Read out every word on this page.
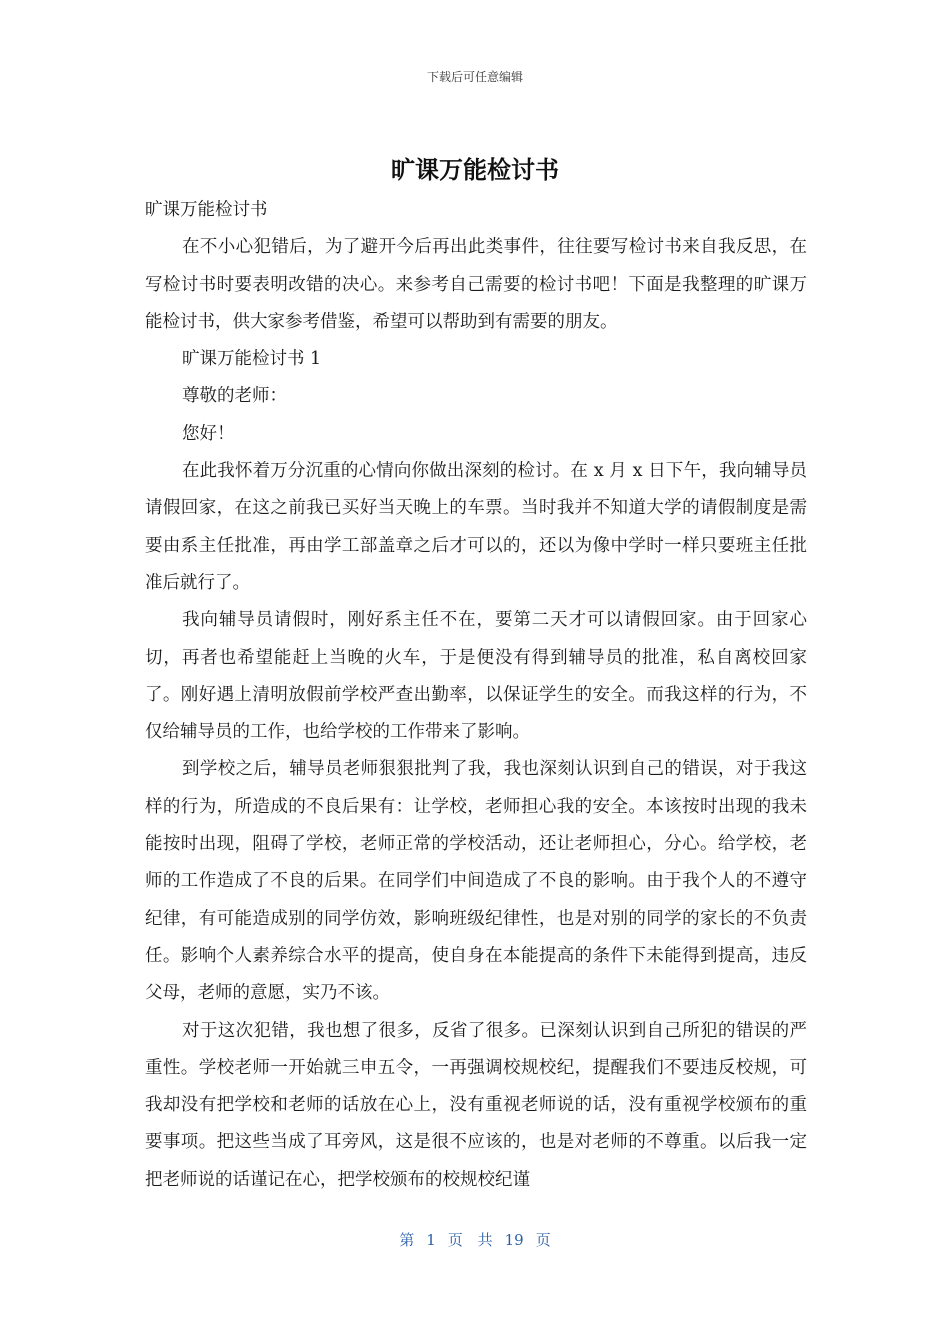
下载后可任意编辑
旷课万能检讨书

旷课万能检讨书

在不小心犯错后，为了避开今后再出此类事件，往往要写检讨书来自我反思，在写检讨书时要表明改错的决心。来参考自己需要的检讨书吧！下面是我整理的旷课万能检讨书，供大家参考借鉴，希望可以帮助到有需要的朋友。

旷课万能检讨书 1

尊敬的老师：

您好！

在此我怀着万分沉重的心情向你做出深刻的检讨。在 x 月 x 日下午，我向辅导员请假回家，在这之前我已买好当天晚上的车票。当时我并不知道大学的请假制度是需要由系主任批准，再由学工部盖章之后才可以的，还以为像中学时一样只要班主任批准后就行了。

我向辅导员请假时，刚好系主任不在，要第二天才可以请假回家。由于回家心切，再者也希望能赶上当晚的火车，于是便没有得到辅导员的批准，私自离校回家了。刚好遇上清明放假前学校严查出勤率，以保证学生的安全。而我这样的行为，不仅给辅导员的工作，也给学校的工作带来了影响。

到学校之后，辅导员老师狠狠批判了我，我也深刻认识到自己的错误，对于我这样的行为，所造成的不良后果有：让学校，老师担心我的安全。本该按时出现的我未能按时出现，阻碍了学校，老师正常的学校活动，还让老师担心，分心。给学校，老师的工作造成了不良的后果。在同学们中间造成了不良的影响。由于我个人的不遵守纪律，有可能造成别的同学仿效，影响班级纪律性，也是对别的同学的家长的不负责任。影响个人素养综合水平的提高，使自身在本能提高的条件下未能得到提高，违反父母，老师的意愿，实乃不该。

对于这次犯错，我也想了很多，反省了很多。已深刻认识到自己所犯的错误的严重性。学校老师一开始就三申五令，一再强调校规校纪，提醒我们不要违反校规，可我却没有把学校和老师的话放在心上，没有重视老师说的话，没有重视学校颁布的重要事项。把这些当成了耳旁风，这是很不应该的，也是对老师的不尊重。以后我一定把老师说的话谨记在心，把学校颁布的校规校纪谨

第 1 页 共 19 页
